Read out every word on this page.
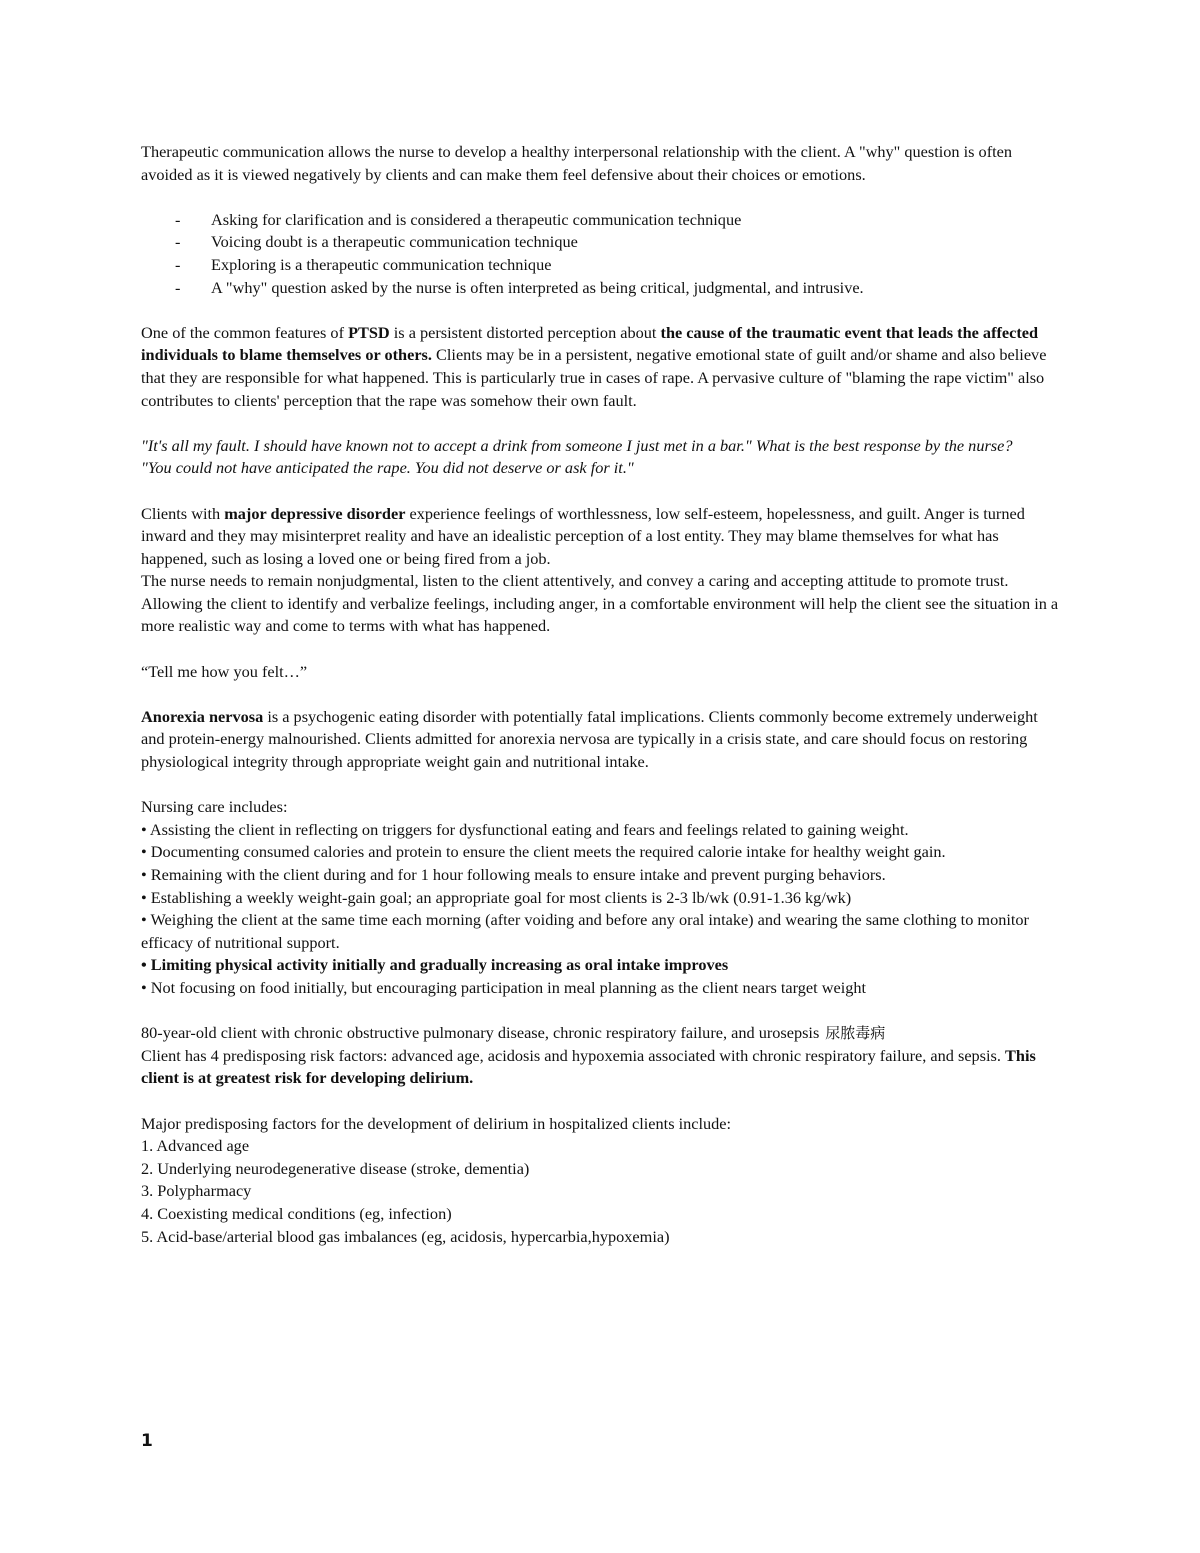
Therapeutic communication allows the nurse to develop a healthy interpersonal relationship with the client. A "why" question is often avoided as it is viewed negatively by clients and can make them feel defensive about their choices or emotions.

- Asking for clarification and is considered a therapeutic communication technique
- Voicing doubt is a therapeutic communication technique
- Exploring is a therapeutic communication technique
- A "why" question asked by the nurse is often interpreted as being critical, judgmental, and intrusive.

One of the common features of PTSD is a persistent distorted perception about the cause of the traumatic event that leads the affected individuals to blame themselves or others. Clients may be in a persistent, negative emotional state of guilt and/or shame and also believe that they are responsible for what happened. This is particularly true in cases of rape. A pervasive culture of "blaming the rape victim" also contributes to clients' perception that the rape was somehow their own fault.

"It's all my fault. I should have known not to accept a drink from someone I just met in a bar." What is the best response by the nurse?

"You could not have anticipated the rape. You did not deserve or ask for it."

Clients with major depressive disorder experience feelings of worthlessness, low self-esteem, hopelessness, and guilt. Anger is turned inward and they may misinterpret reality and have an idealistic perception of a lost entity. They may blame themselves for what has happened, such as losing a loved one or being fired from a job.

The nurse needs to remain nonjudgmental, listen to the client attentively, and convey a caring and accepting attitude to promote trust. Allowing the client to identify and verbalize feelings, including anger, in a comfortable environment will help the client see the situation in a more realistic way and come to terms with what has happened.

“Tell me how you felt…”

Anorexia nervosa is a psychogenic eating disorder with potentially fatal implications. Clients commonly become extremely underweight and protein-energy malnourished. Clients admitted for anorexia nervosa are typically in a crisis state, and care should focus on restoring physiological integrity through appropriate weight gain and nutritional intake.

Nursing care includes:

• Assisting the client in reflecting on triggers for dysfunctional eating and fears and feelings related to gaining weight.

• Documenting consumed calories and protein to ensure the client meets the required calorie intake for healthy weight gain.

• Remaining with the client during and for 1 hour following meals to ensure intake and prevent purging behaviors.

• Establishing a weekly weight-gain goal; an appropriate goal for most clients is 2-3 lb/wk (0.91-1.36 kg/wk)

• Weighing the client at the same time each morning (after voiding and before any oral intake) and wearing the same clothing to monitor efficacy of nutritional support.

• Limiting physical activity initially and gradually increasing as oral intake improves

• Not focusing on food initially, but encouraging participation in meal planning as the client nears target weight

80-year-old client with chronic obstructive pulmonary disease, chronic respiratory failure, and urosepsis 尿脓毒病

Client has 4 predisposing risk factors: advanced age, acidosis and hypoxemia associated with chronic respiratory failure, and sepsis. This client is at greatest risk for developing delirium.

Major predisposing factors for the development of delirium in hospitalized clients include:

1. Advanced age

2. Underlying neurodegenerative disease (stroke, dementia)

3. Polypharmacy

4. Coexisting medical conditions (eg, infection)

5. Acid-base/arterial blood gas imbalances (eg, acidosis, hypercarbia,hypoxemia)

1
